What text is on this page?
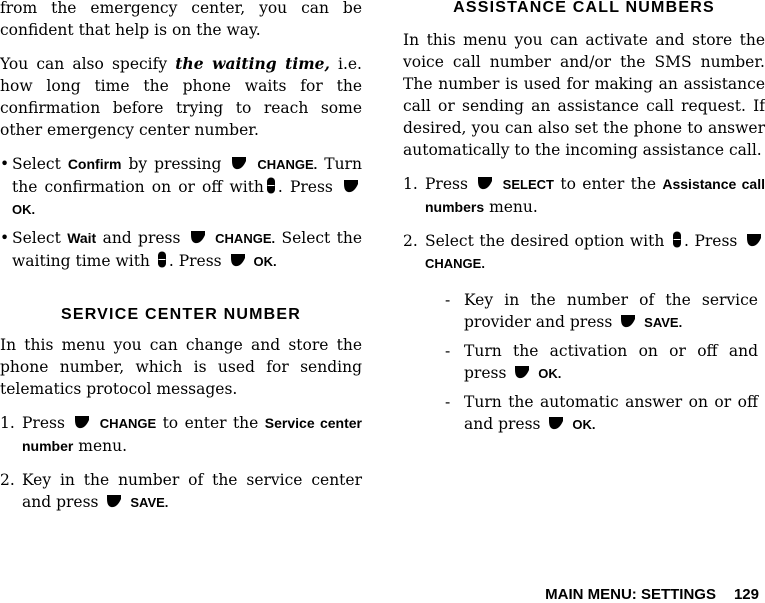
from the emergency center, you can be confident that help is on the way.

You can also specify the waiting time, i.e. how long time the phone waits for the confirmation before trying to reach some other emergency center number.

• Select Confirm by pressing	CHANGE. Turn the confirmation on or off with . Press  OK.

• Select Wait and press	CHANGE. Select the waiting time with . Press OK.

SERVICE CENTER NUMBER

In this menu you can change and store the phone number, which is used for sending telematics protocol messages.

1. Press	CHANGE to enter the Service center number menu.

2. Key in the number of the service center and press SAVE.

ASSISTANCE CALL NUMBERS

In this menu you can activate and store the voice call number and/or the SMS number. The number is used for making an assistance call or sending an assistance call request. If desired, you can also set the phone to answer automatically to the incoming assistance call.

1. Press	SELECT to enter the Assistance call numbers menu.

2. Select the desired option with . Press  CHANGE.

- Key in the number of the service provider and press SAVE.

- Turn the activation on or off and press OK.

- Turn the automatic answer on or off and press OK.

MAIN MENU: SETTINGS 129
